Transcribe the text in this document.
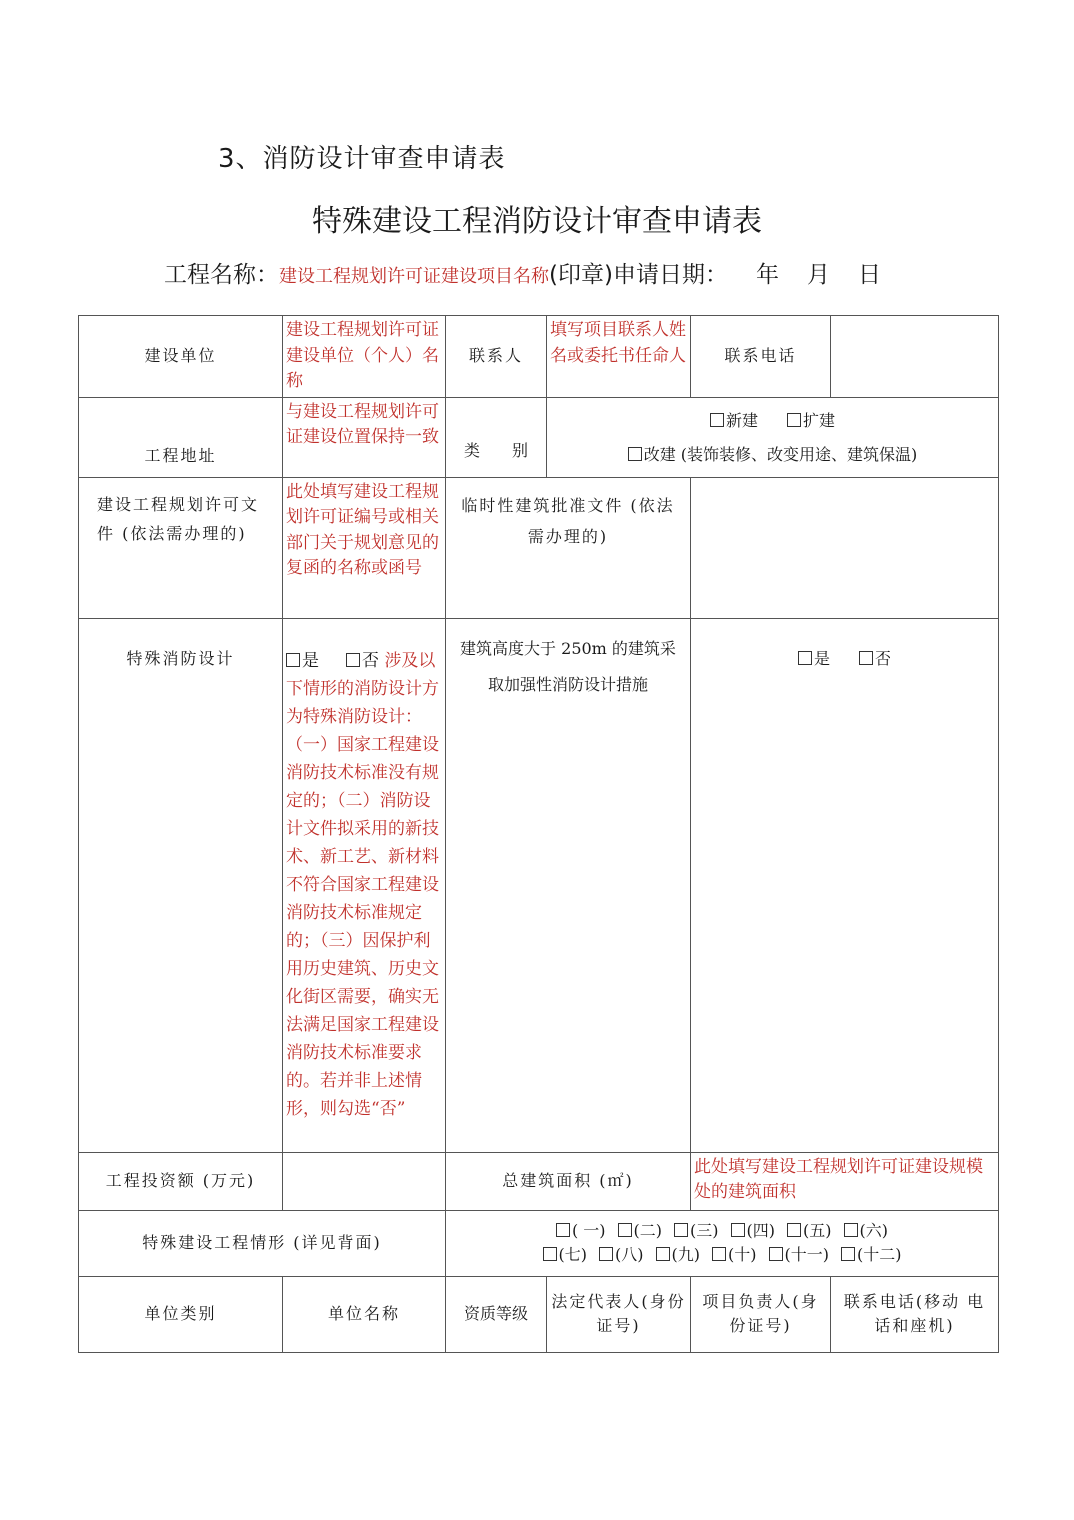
3、消防设计审查申请表
特殊建设工程消防设计审查申请表
工程名称：建设工程规划许可证建设项目名称(印章)申请日期： 年 月 日
建设单位	建设工程规划许可证建设单位（个人）名称	联系人	填写项目联系人姓名或委托书任命人	联系电话	
工程地址	与建设工程规划许可证建设位置保持一致	类　　别	新建 扩建
改建 (装饰装修、改变用途、建筑保温)		

建设工程规划许可文件 (依法需办理的)	此处填写建设工程规划许可证编号或相关部门关于规划意见的复函的名称或函号	临时性建筑批准文件 (依法 需办理的)			
特殊消防设计	是 否 涉及以下情形的消防设计方为特殊消防设计：（一）国家工程建设消防技术标准没有规定的；（二）消防设计文件拟采用的新技术、新工艺、新材料不符合国家工程建设消防技术标准规定的；（三）因保护利用历史建筑、历史文化街区需要，确实无法满足国家工程建设消防技术标准要求的。若并非上述情形，则勾选“否”	建筑高度大于 250m 的建筑采取加强性消防设计措施		是 否	
工程投资额 (万元)		总建筑面积 (㎡)		此处填写建设工程规划许可证建设规模处的建筑面积	
特殊建设工程情形 (详见背面)		( 一) (二) (三) (四) (五) (六)
(七) (八) (九) (十) (十一) (十二)			

单位类别	单位名称	资质等级	法定代表人(身份证号)	项目负责人(身份证号)	联系电话(移动 电 话和座机)
